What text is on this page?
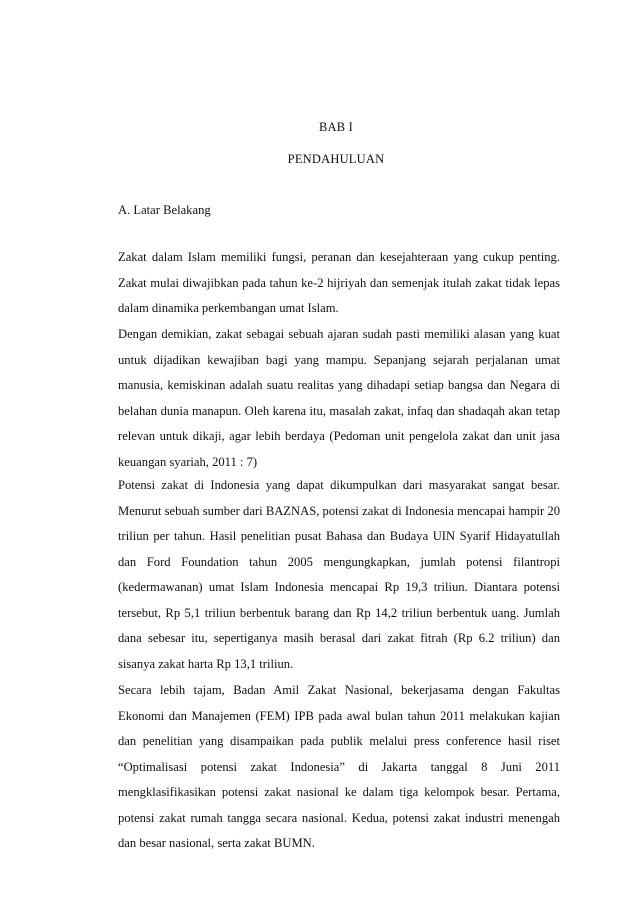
BAB I
PENDAHULUAN
A. Latar Belakang

Zakat dalam Islam memiliki fungsi, peranan dan kesejahteraan yang cukup penting. Zakat mulai diwajibkan pada tahun ke-2 hijriyah dan semenjak itulah zakat tidak lepas dalam dinamika perkembangan umat Islam.

Dengan demikian, zakat sebagai sebuah ajaran sudah pasti memiliki alasan yang kuat untuk dijadikan kewajiban bagi yang mampu. Sepanjang sejarah perjalanan umat manusia, kemiskinan adalah suatu realitas yang dihadapi setiap bangsa dan Negara di belahan dunia manapun. Oleh karena itu, masalah zakat, infaq dan shadaqah akan tetap relevan untuk dikaji, agar lebih berdaya (Pedoman unit pengelola zakat dan unit jasa keuangan syariah, 2011 : 7)

Potensi zakat di Indonesia yang dapat dikumpulkan dari masyarakat sangat besar. Menurut sebuah sumber dari BAZNAS, potensi zakat di Indonesia mencapai hampir 20 triliun per tahun. Hasil penelitian pusat Bahasa dan Budaya UIN Syarif Hidayatullah dan Ford Foundation tahun 2005 mengungkapkan, jumlah potensi filantropi (kedermawanan) umat Islam Indonesia mencapai Rp 19,3 triliun. Diantara potensi tersebut, Rp 5,1 triliun berbentuk barang dan Rp 14,2 triliun berbentuk uang. Jumlah dana sebesar itu, sepertiganya masih berasal dari zakat fitrah (Rp 6.2 triliun) dan sisanya zakat harta Rp 13,1 triliun.

Secara lebih tajam, Badan Amil Zakat Nasional, bekerjasama dengan Fakultas Ekonomi dan Manajemen (FEM) IPB pada awal bulan tahun 2011 melakukan kajian dan penelitian yang disampaikan pada publik melalui press conference hasil riset “Optimalisasi potensi zakat Indonesia” di Jakarta tanggal 8 Juni 2011 mengklasifikasikan potensi zakat nasional ke dalam tiga kelompok besar. Pertama, potensi zakat rumah tangga secara nasional. Kedua, potensi zakat industri menengah dan besar nasional, serta zakat BUMN.
